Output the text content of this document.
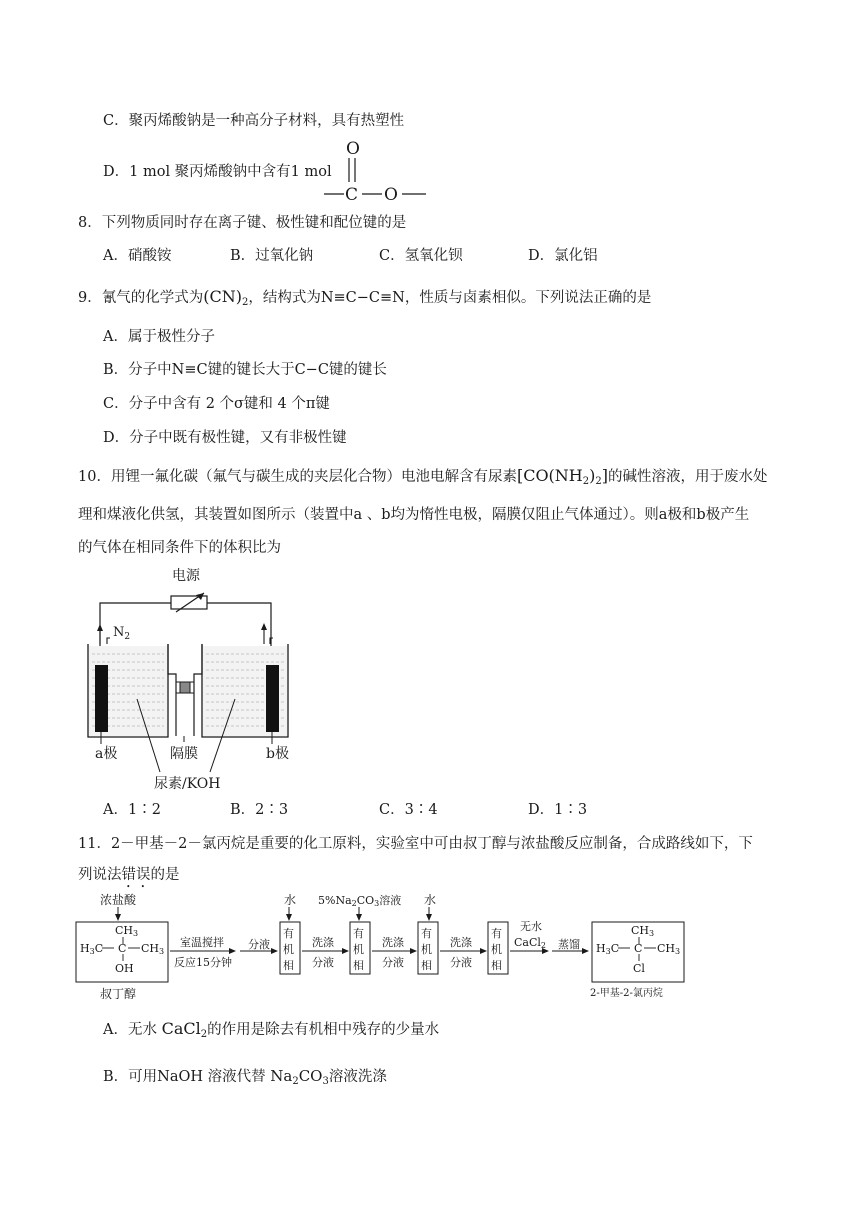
C．聚丙烯酸钠是一种高分子材料，具有热塑性
D．1 mol 聚丙烯酸钠中含有1 mol
O
C O
8．下列物质同时存在离子键、极性键和配位键的是
A．硝酸铵	B．过氧化钠	C．氢氧化钡	D．氯化铝
9．氰气的化学式为$(CN)_2$，结构式为N≡C−C≡N，性质与卤素相似。下列说法正确的是
A．属于极性分子
B．分子中N≡C键的键长大于C−C键的键长
C．分子中含有 2 个σ键和 4 个π键
D．分子中既有极性键，又有非极性键
10．用锂一氟化碳（氟气与碳生成的夹层化合物）电池电解含有尿素$[CO(NH_2)_2]$的碱性溶液，用于废水处
理和煤液化供氢，其装置如图所示（装置中a 、b均为惰性电极，隔膜仅阻止气体通过）。则a极和b极产生
的气体在相同条件下的体积比为
电源
$N_2$
a极	隔膜	b极
尿素/KOH
A．1∶2	B．2∶3	C．3∶4	D．1∶3
11．2－甲基－2－氯丙烷是重要的化工原料，实验室中可由叔丁醇与浓盐酸反应制备，合成路线如下，下
列说法错误的是
浓盐酸
CH3
H3C C CH3
OH
叔丁醇
室温搅拌
反应15分钟
分液
水
有
机
相
洗涤
分液
5%Na2CO3溶液
有
机
相
洗涤
分液
水
有
机
相
洗涤
分液
有
机
相
无水
CaCl2 蒸馏
CH3
H3C C CH3
Cl
2-甲基-2-氯丙烷
A．无水 CaCl$_2$的作用是除去有机相中残存的少量水
B．可用NaOH 溶液代替 $Na_2CO_3$溶液洗涤
